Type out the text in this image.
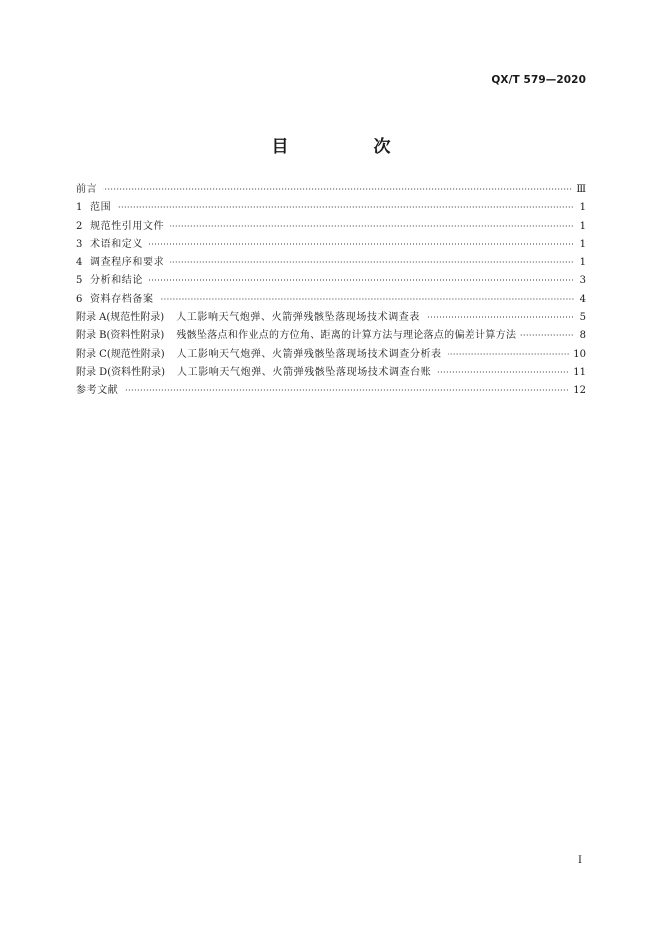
QX/T 579—2020
目　次
前言	Ⅲ
1 范围	1
2 规范性引用文件	1
3 术语和定义	1
4 调查程序和要求	1
5 分析和结论	3
6 资料存档备案	4
附录 A(规范性附录) 人工影响天气炮弹、火箭弹残骸坠落现场技术调查表	5
附录 B(资料性附录) 残骸坠落点和作业点的方位角、距离的计算方法与理论落点的偏差计算方法	8
附录 C(规范性附录) 人工影响天气炮弹、火箭弹残骸坠落现场技术调查分析表	10
附录 D(资料性附录) 人工影响天气炮弹、火箭弹残骸坠落现场技术调查台账	11
参考文献	12
Ⅰ
